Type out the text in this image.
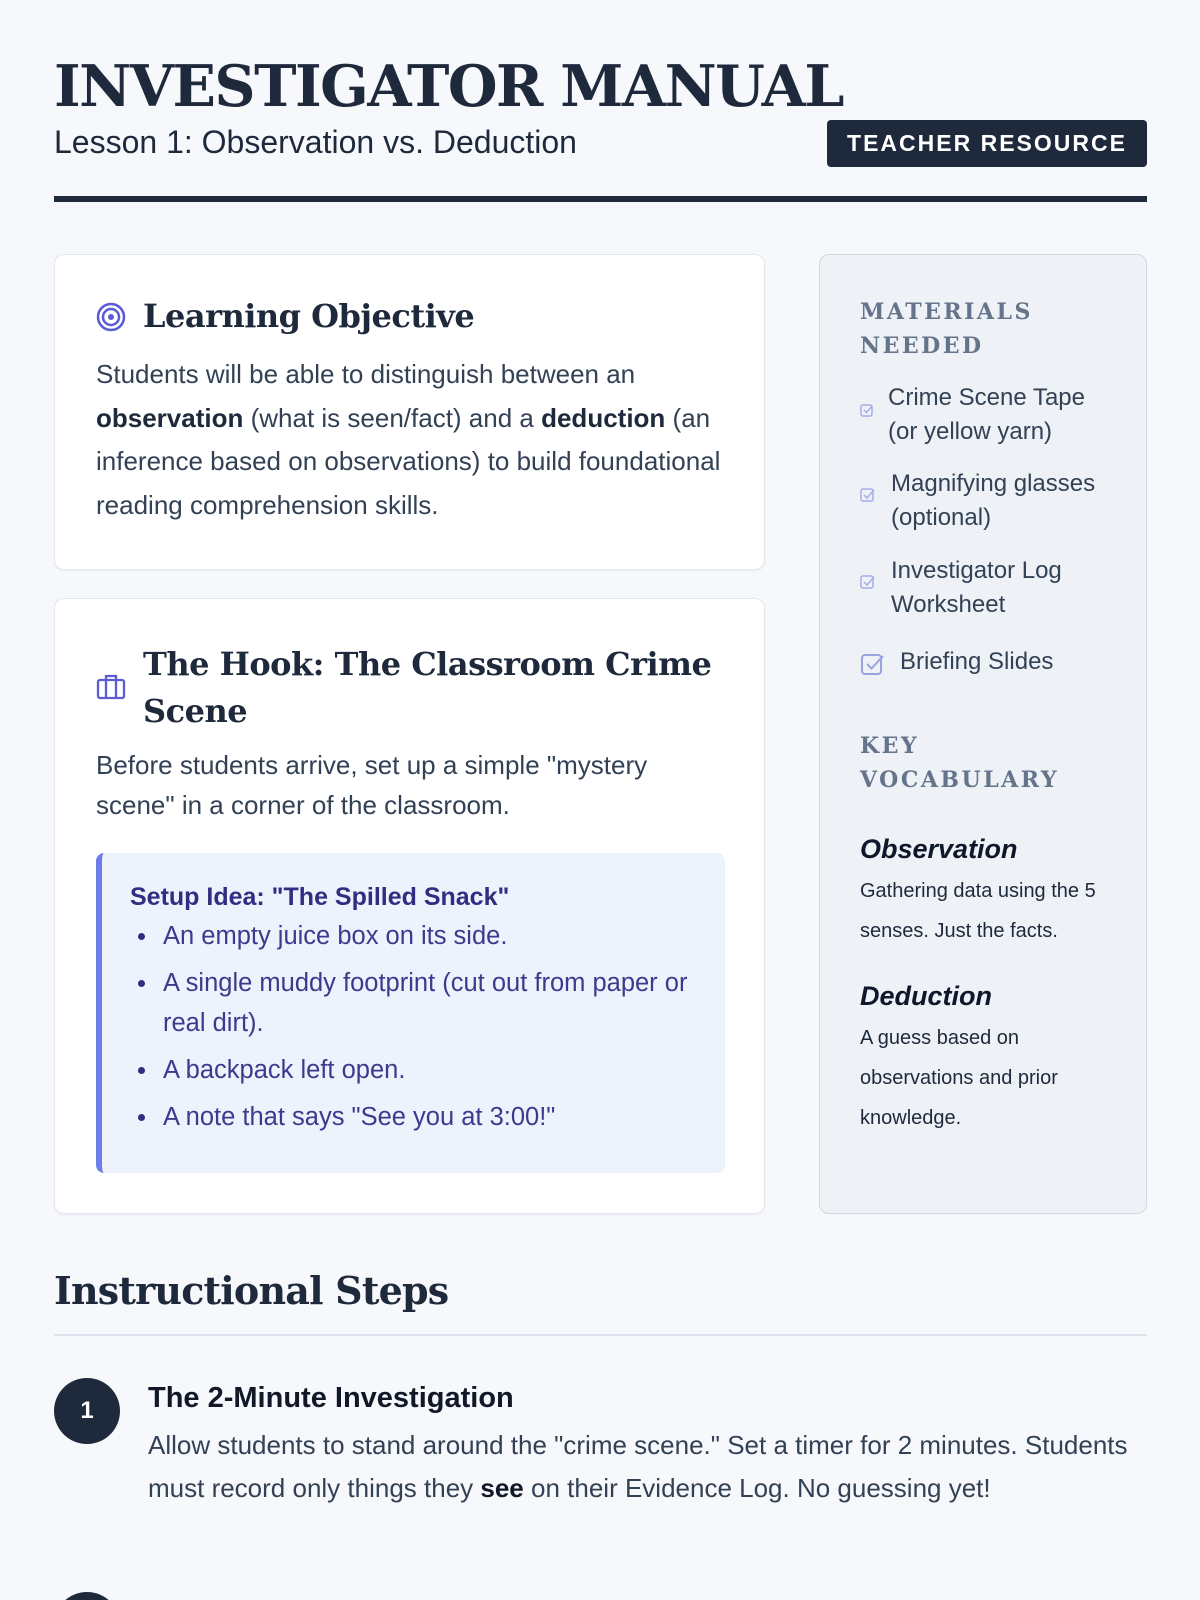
INVESTIGATOR MANUAL
Lesson 1: Observation vs. Deduction	TEACHER RESOURCE
Learning Objective

Students will be able to distinguish between an observation (what is seen/fact) and a deduction (an inference based on observations) to build foundational reading comprehension skills.

The Hook: The Classroom Crime Scene

Before students arrive, set up a simple "mystery scene" in a corner of the classroom.

Setup Idea: "The Spilled Snack"
An empty juice box on its side.
A single muddy footprint (cut out from paper or real dirt).
A backpack left open.
A note that says "See you at 3:00!"
MATERIALS NEEDED
Crime Scene Tape (or yellow yarn)
Magnifying glasses (optional)
Investigator Log Worksheet
Briefing Slides
KEY VOCABULARY
Observation
Gathering data using the 5 senses. Just the facts.
Deduction
A guess based on observations and prior knowledge.
Instructional Steps
1	The 2-Minute Investigation

Allow students to stand around the "crime scene." Set a timer for 2 minutes. Students must record only things they see on their Evidence Log. No guessing yet!
